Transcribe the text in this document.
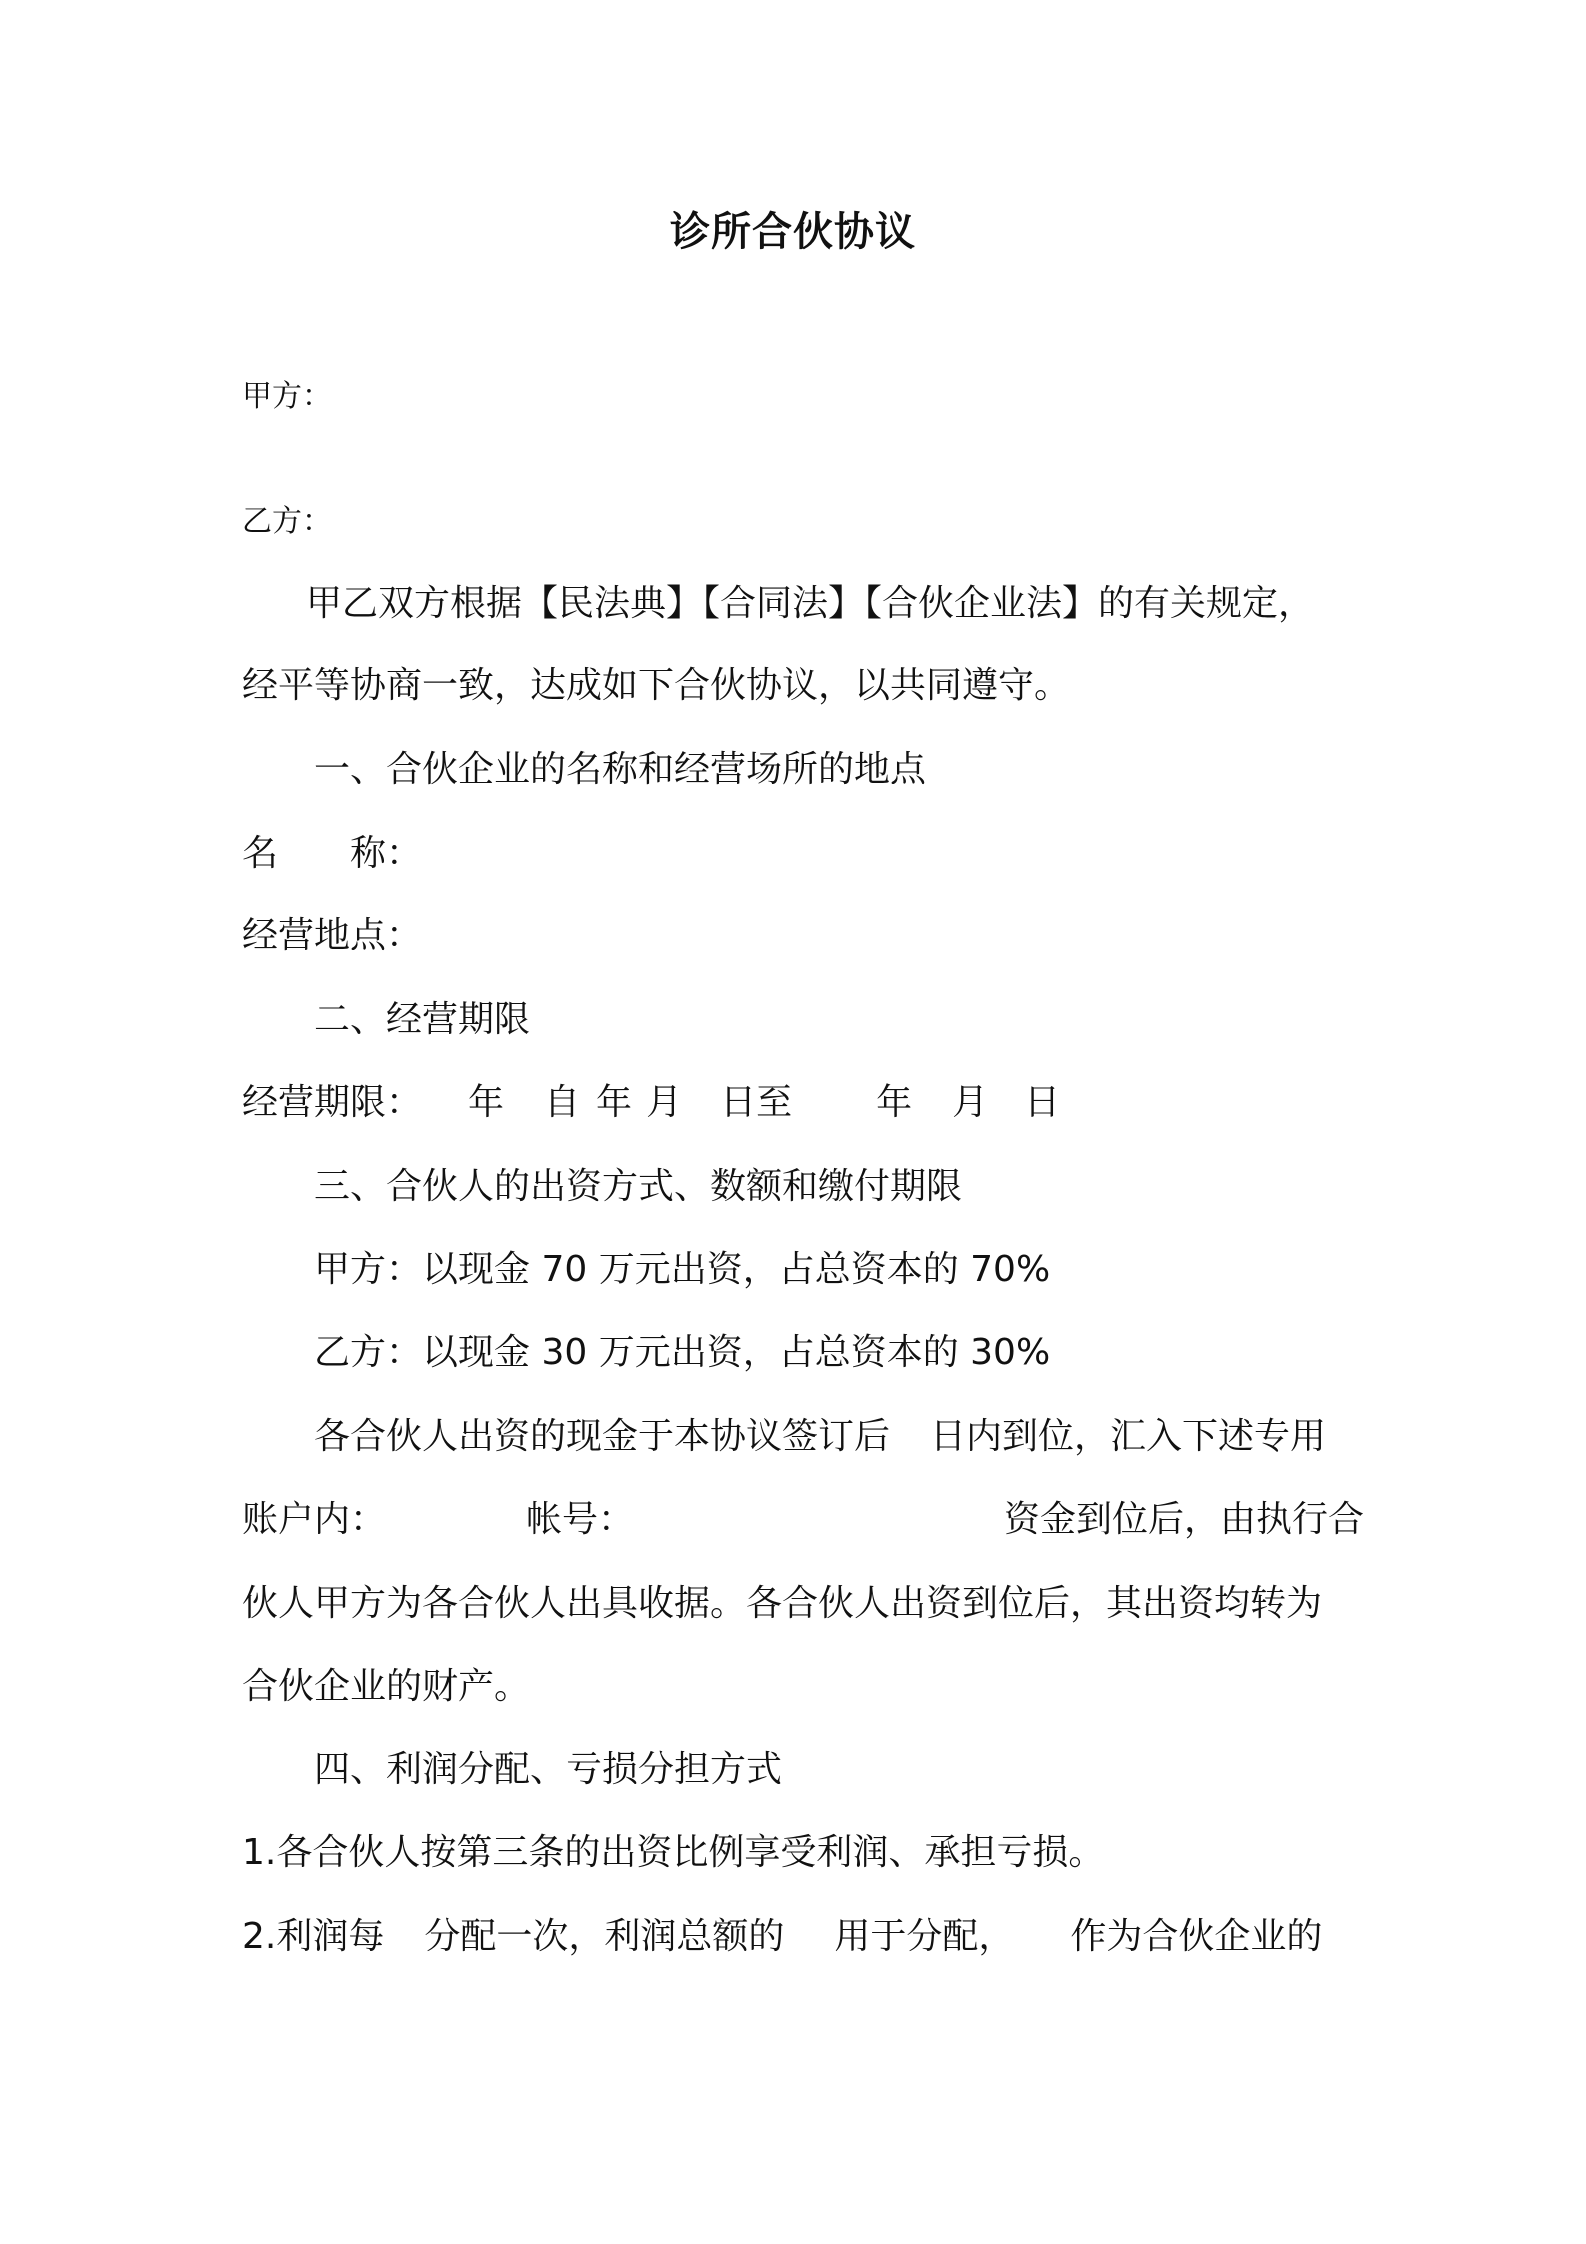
诊所合伙协议
甲方：
乙方：
甲乙双方根据【民法典】【合同法】【合伙企业法】的有关规定，
经平等协商一致，达成如下合伙协议，以共同遵守。
一、合伙企业的名称和经营场所的地点
名　　称：
经营地点：
二、经营期限
经营期限： 年 自 年 月 日至 年 月 日
三、合伙人的出资方式、数额和缴付期限
甲方：以现金 70 万元出资，占总资本的 70%
乙方：以现金 30 万元出资，占总资本的 30%
各合伙人出资的现金于本协议签订后 日内到位，汇入下述专用
账户内：	帐号：	资金到位后，由执行合
伙人甲方为各合伙人出具收据。各合伙人出资到位后，其出资均转为
合伙企业的财产。
四、利润分配、亏损分担方式
1.各合伙人按第三条的出资比例享受利润、承担亏损。
2.利润每 分配一次，利润总额的 用于分配， 作为合伙企业的
